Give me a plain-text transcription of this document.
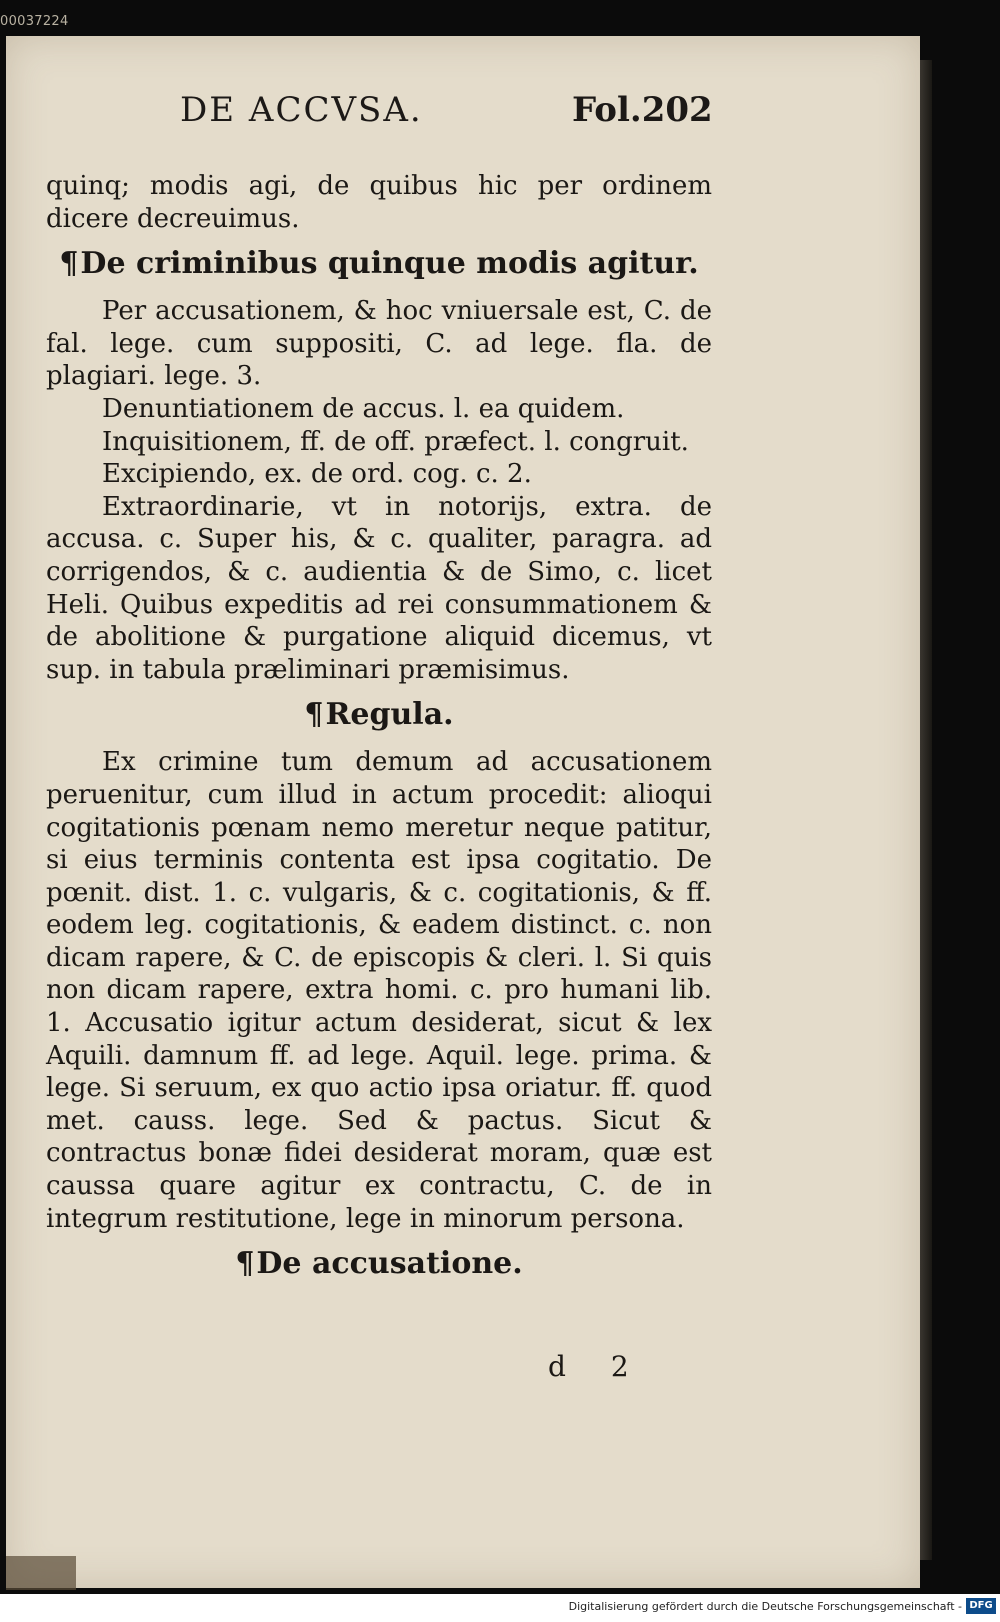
00037224
DE ACCVSA.	Fol.202

quinq; modis agi, de quibus hic per ordinem dicere decreuimus.

¶De criminibus quinque modis agitur.

Per accusationem, & hoc vniuersale est, C. de fal. lege. cum suppositi, C. ad lege. fla. de plagiari. lege. 3.

Denuntiationem de accus. l. ea quidem.

Inquisitionem, ff. de off. præfect. l. congruit.

Excipiendo, ex. de ord. cog. c. 2.

Extraordinarie, vt in notorijs, extra. de accusa. c. Super his, & c. qualiter, paragra. ad corrigendos, & c. audientia & de Simo, c. licet Heli. Quibus expeditis ad rei consummationem & de abolitione & purgatione aliquid dicemus, vt sup. in tabula præliminari præmisimus.

¶Regula.

Ex crimine tum demum ad accusationem peruenitur, cum illud in actum procedit: alioqui cogitationis pœnam nemo meretur neque patitur, si eius terminis contenta est ipsa cogitatio. De pœnit. dist. 1. c. vulgaris, & c. cogitationis, & ff. eodem leg. cogitationis, & eadem distinct. c. non dicam rapere, & C. de episcopis & cleri. l. Si quis non dicam rapere, extra homi. c. pro humani lib. 1. Accusatio igitur actum desiderat, sicut & lex Aquili. damnum ff. ad lege. Aquil. lege. prima. & lege. Si seruum, ex quo actio ipsa oriatur. ff. quod met. causs. lege. Sed & pactus. Sicut & contractus bonæ fidei desiderat moram, quæ est caussa quare agitur ex contractu, C. de in integrum restitutione, lege in minorum persona.

¶De accusatione.
d 2
Digitalisierung gefördert durch die Deutsche Forschungsgemeinschaft - DFG
